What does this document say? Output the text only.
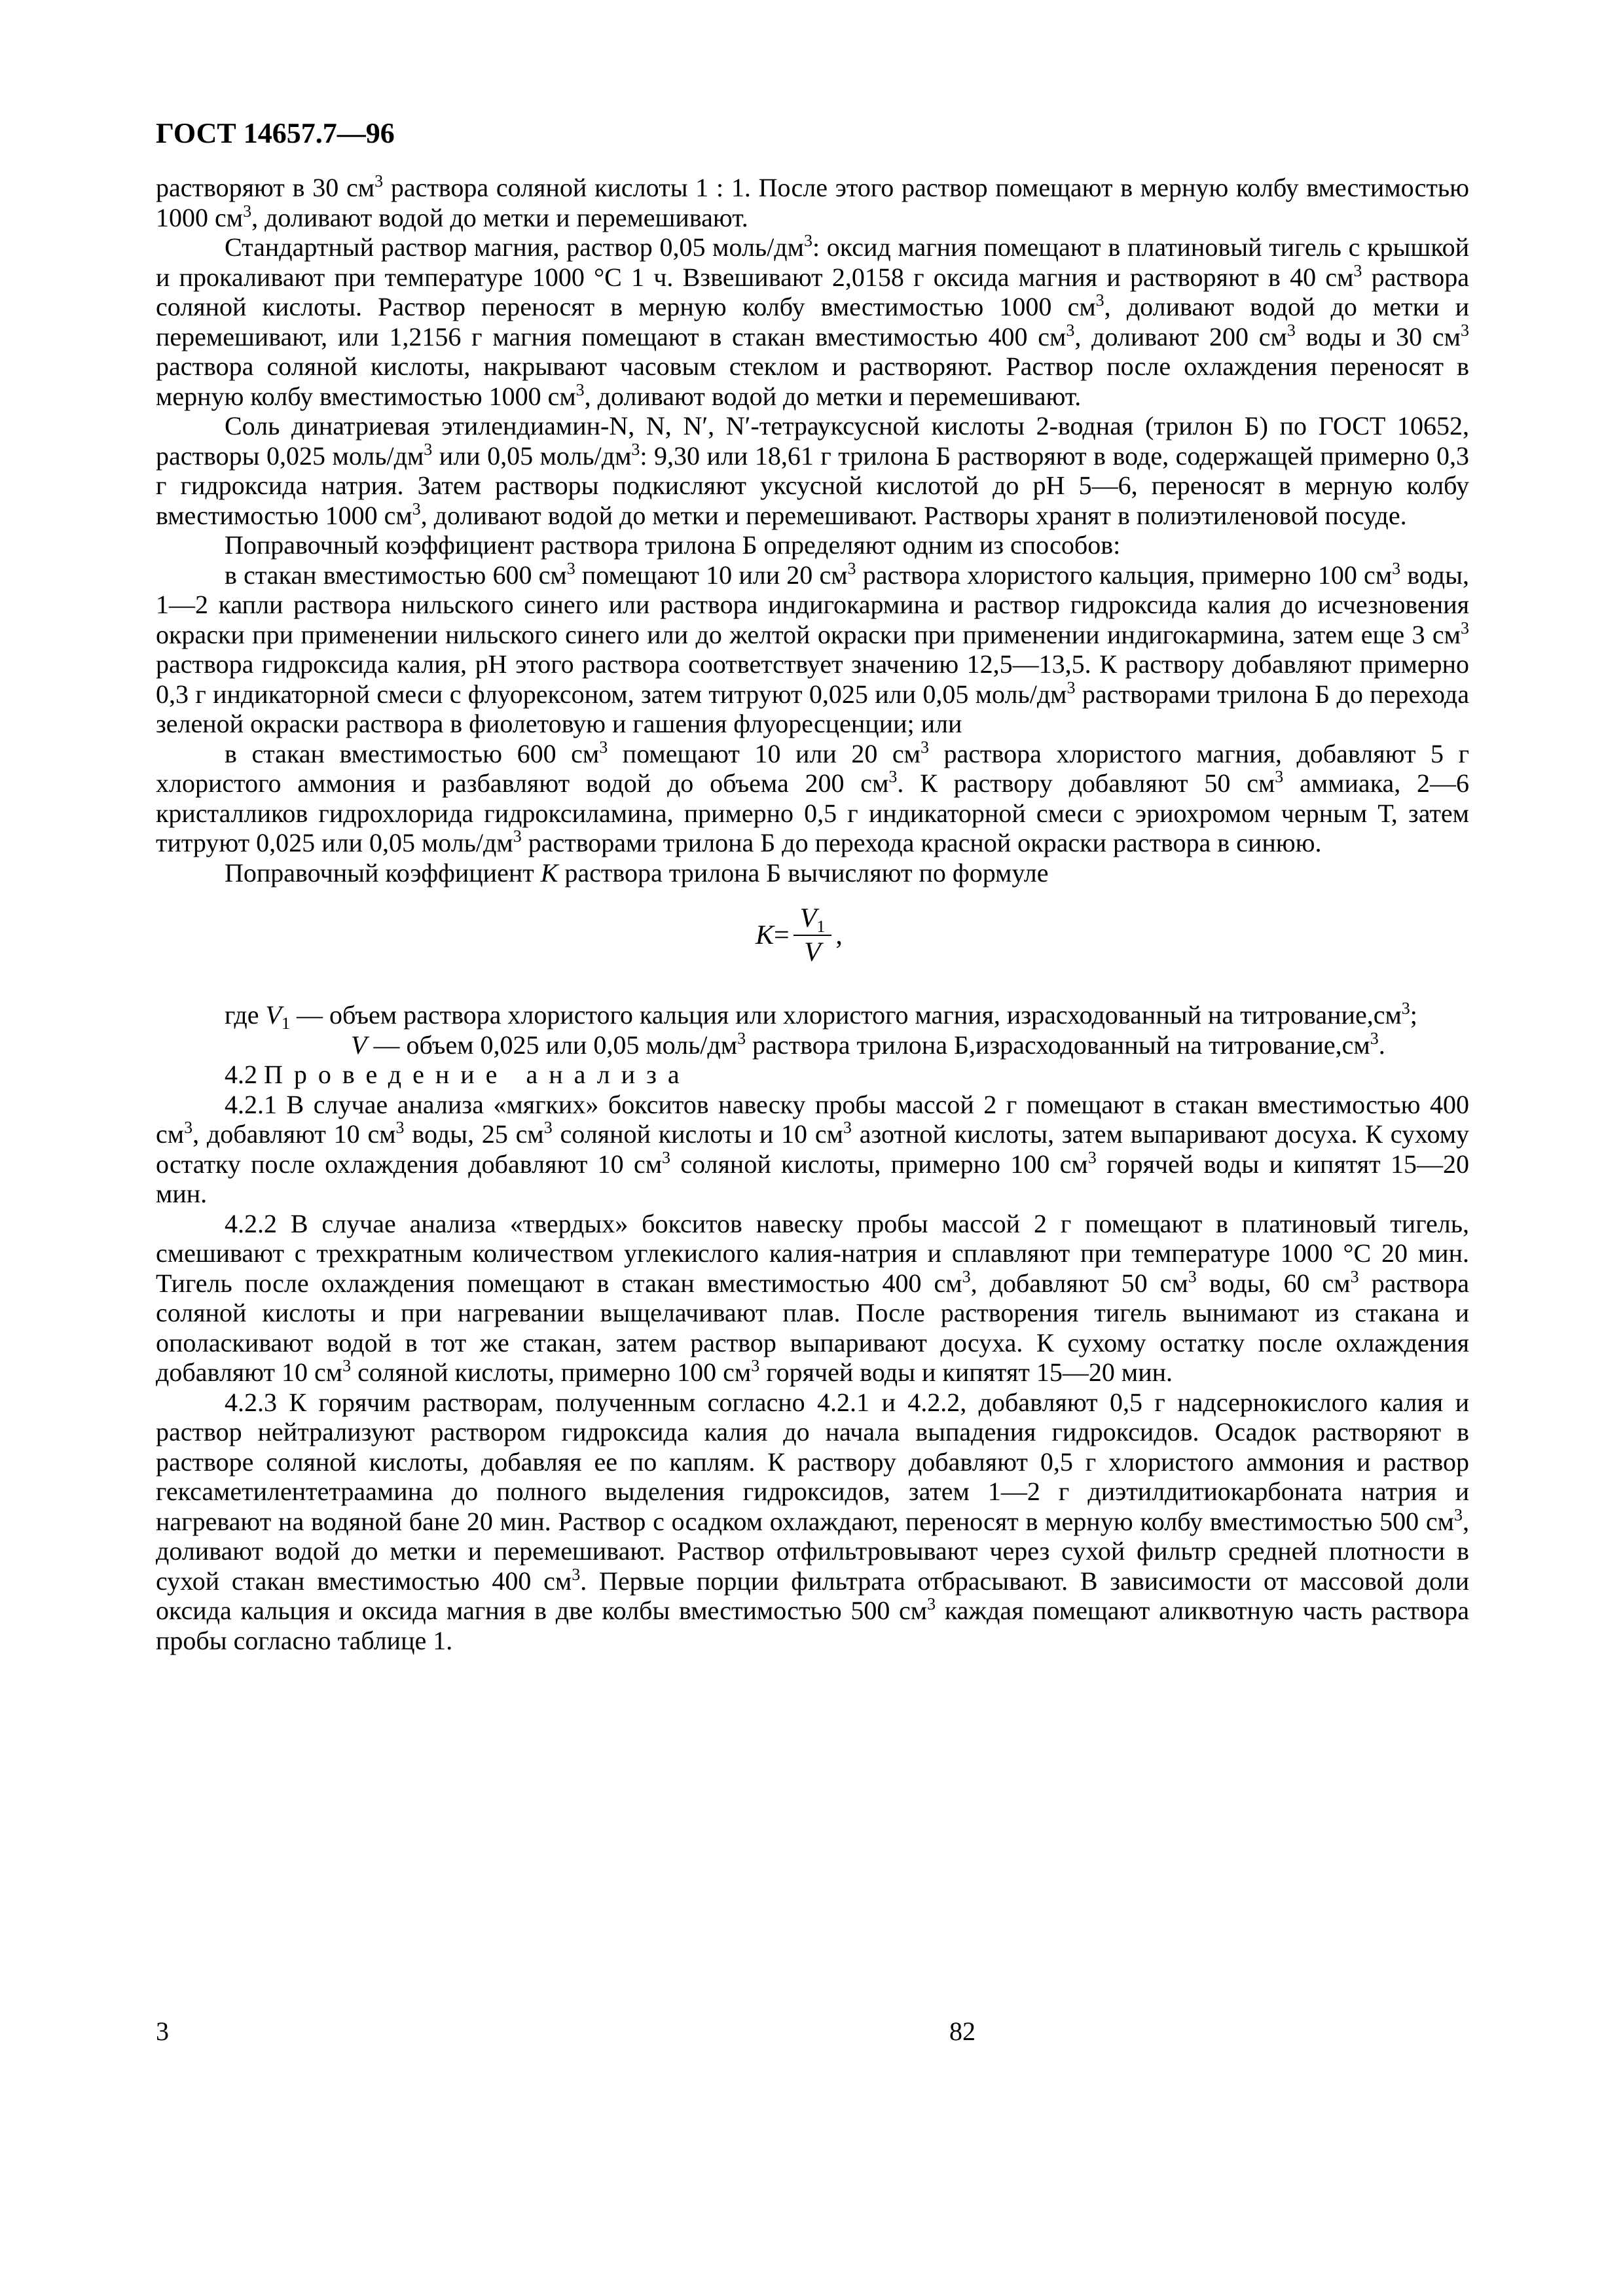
ГОСТ 14657.7—96

растворяют в 30 $см^3$ раствора соляной кислоты 1 : 1. После этого раствор помещают в мерную колбу вместимостью 1000 $см^3$, доливают водой до метки и перемешивают.

Стандартный раствор магния, раствор 0,05 моль/$дм^3$: оксид магния помещают в платиновый тигель с крышкой и прокаливают при температуре 1000 °С 1 ч. Взвешивают 2,0158 г оксида магния и растворяют в 40 $см^3$ раствора соляной кислоты. Раствор переносят в мерную колбу вместимостью 1000 $см^3$, доливают водой до метки и перемешивают, или 1,2156 г магния помещают в стакан вместимостью 400 $см^3$, доливают 200 $см^3$ воды и 30 $см^3$ раствора соляной кислоты, накрывают часовым стеклом и растворяют. Раствор после охлаждения переносят в мерную колбу вместимостью 1000 $см^3$, доливают водой до метки и перемешивают.

Соль динатриевая этилендиамин-N, N, N′, N′-тетрауксусной кислоты 2-водная (трилон Б) по ГОСТ 10652, растворы 0,025 моль/$дм^3$ или 0,05 моль/$дм^3$: 9,30 или 18,61 г трилона Б растворяют в воде, содержащей примерно 0,3 г гидроксида натрия. Затем растворы подкисляют уксусной кислотой до рН 5—6, переносят в мерную колбу вместимостью 1000 $см^3$, доливают водой до метки и перемешивают. Растворы хранят в полиэтиленовой посуде.

Поправочный коэффициент раствора трилона Б определяют одним из способов:

в стакан вместимостью 600 $см^3$ помещают 10 или 20 $см^3$ раствора хлористого кальция, примерно 100 $см^3$ воды, 1—2 капли раствора нильского синего или раствора индигокармина и раствор гидроксида калия до исчезновения окраски при применении нильского синего или до желтой окраски при применении индигокармина, затем еще 3 $см^3$ раствора гидроксида калия, рН этого раствора соответствует значению 12,5—13,5. К раствору добавляют примерно 0,3 г индикаторной смеси с флуорексоном, затем титруют 0,025 или 0,05 моль/$дм^3$ растворами трилона Б до перехода зеленой окраски раствора в фиолетовую и гашения флуоресценции; или

в стакан вместимостью 600 $см^3$ помещают 10 или 20 $см^3$ раствора хлористого магния, добавляют 5 г хлористого аммония и разбавляют водой до объема 200 $см^3$. К раствору добавляют 50 $см^3$ аммиака, 2—6 кристалликов гидрохлорида гидроксиламина, примерно 0,5 г индикаторной смеси с эриохромом черным Т, затем титруют 0,025 или 0,05 моль/$дм^3$ растворами трилона Б до перехода красной окраски раствора в синюю.

Поправочный коэффициент K раствора трилона Б вычисляют по формуле

$K= \frac{V_1}{V}$ ,

где $V_1$ — объем раствора хлористого кальция или хлористого магния, израсходованный на $титрование,см^3$;

V — объем 0,025 или 0,05 моль/$дм^3$ раствора трилона Б,израсходованный на $титрование,см^3$.

4.2 Проведение анализа

4.2.1 В случае анализа «мягких» бокситов навеску пробы массой 2 г помещают в стакан вместимостью 400 $см^3$, добавляют 10 $см^3$ воды, 25 $см^3$ соляной кислоты и 10 $см^3$ азотной кислоты, затем выпаривают досуха. К сухому остатку после охлаждения добавляют 10 $см^3$ соляной кислоты, примерно 100 $см^3$ горячей воды и кипятят 15—20 мин.

4.2.2 В случае анализа «твердых» бокситов навеску пробы массой 2 г помещают в платиновый тигель, смешивают с трехкратным количеством углекислого калия-натрия и сплавляют при температуре 1000 °С 20 мин. Тигель после охлаждения помещают в стакан вместимостью 400 $см^3$, добавляют 50 $см^3$ воды, 60 $см^3$ раствора соляной кислоты и при нагревании выщелачивают плав. После растворения тигель вынимают из стакана и ополаскивают водой в тот же стакан, затем раствор выпаривают досуха. К сухому остатку после охлаждения добавляют 10 $см^3$ соляной кислоты, примерно 100 $см^3$ горячей воды и кипятят 15—20 мин.

4.2.3 К горячим растворам, полученным согласно 4.2.1 и 4.2.2, добавляют 0,5 г надсернокислого калия и раствор нейтрализуют раствором гидроксида калия до начала выпадения гидроксидов. Осадок растворяют в растворе соляной кислоты, добавляя ее по каплям. К раствору добавляют 0,5 г хлористого аммония и раствор гексаметилентетраамина до полного выделения гидроксидов, затем 1—2 г диэтилдитиокарбоната натрия и нагревают на водяной бане 20 мин. Раствор с осадком охлаждают, переносят в мерную колбу вместимостью 500 $см^3$, доливают водой до метки и перемешивают. Раствор отфильтровывают через сухой фильтр средней плотности в сухой стакан вместимостью 400 $см^3$. Первые порции фильтрата отбрасывают. В зависимости от массовой доли оксида кальция и оксида магния в две колбы вместимостью 500 $см^3$ каждая помещают аликвотную часть раствора пробы согласно таблице 1.

3	82
